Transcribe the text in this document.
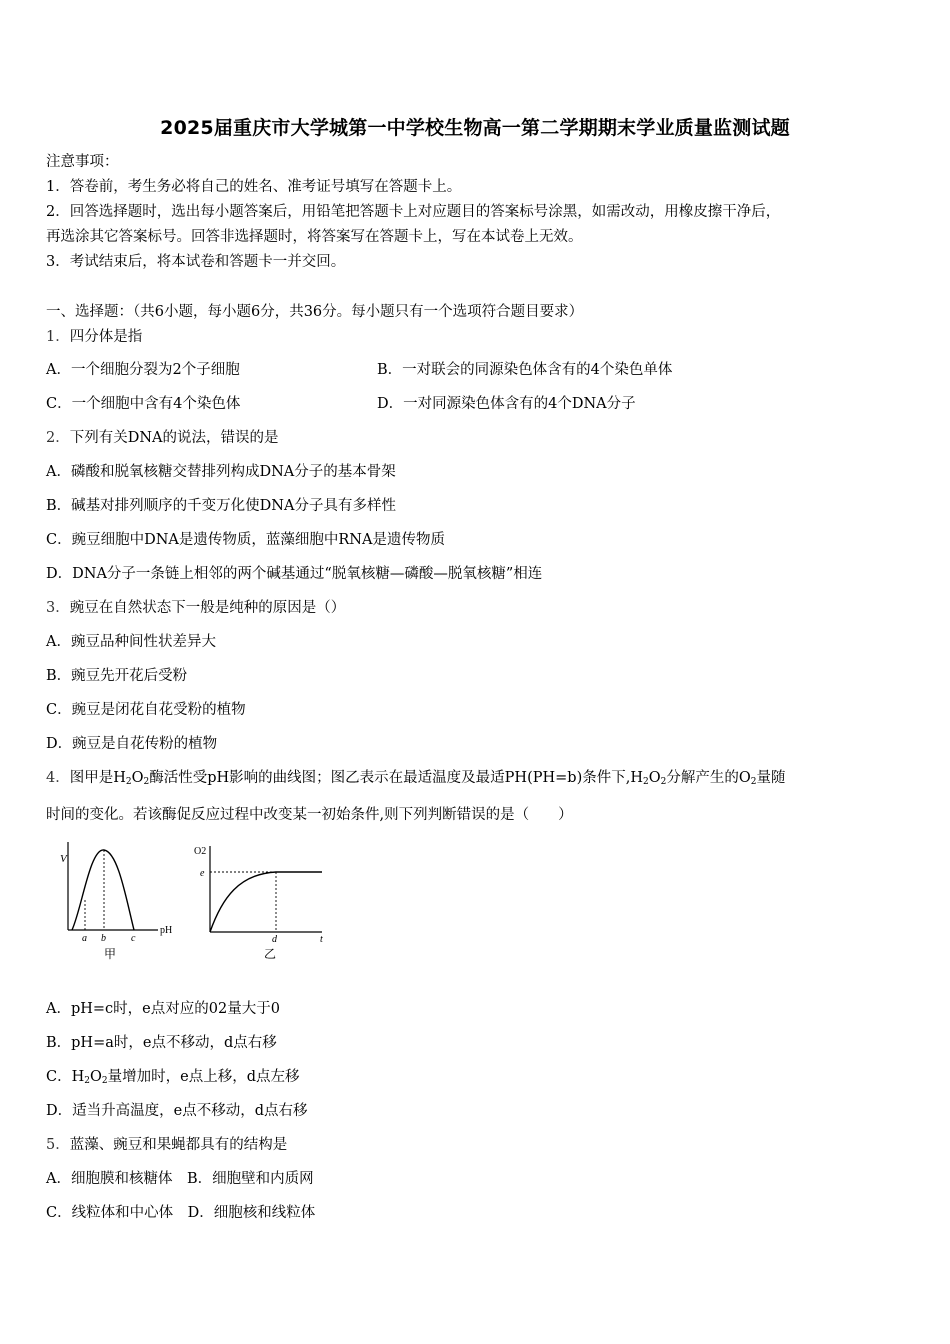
2025届重庆市大学城第一中学校生物高一第二学期期末学业质量监测试题
注意事项：
1．答卷前，考生务必将自己的姓名、准考证号填写在答题卡上。
2．回答选择题时，选出每小题答案后，用铅笔把答题卡上对应题目的答案标号涂黑，如需改动，用橡皮擦干净后，
再选涂其它答案标号。回答非选择题时，将答案写在答题卡上，写在本试卷上无效。
3．考试结束后，将本试卷和答题卡一并交回。
一、选择题：（共6小题，每小题6分，共36分。每小题只有一个选项符合题目要求）
1．四分体是指
A．一个细胞分裂为2个子细胞	B．一对联会的同源染色体含有的4个染色单体
C．一个细胞中含有4个染色体	D．一对同源染色体含有的4个DNA分子
2．下列有关DNA的说法，错误的是
A．磷酸和脱氧核糖交替排列构成DNA分子的基本骨架
B．碱基对排列顺序的千变万化使DNA分子具有多样性
C．豌豆细胞中DNA是遗传物质，蓝藻细胞中RNA是遗传物质
D．DNA分子一条链上相邻的两个碱基通过“脱氧核糖—磷酸—脱氧核糖”相连
3．豌豆在自然状态下一般是纯种的原因是（）
A．豌豆品种间性状差异大
B．豌豆先开花后受粉
C．豌豆是闭花自花受粉的植物
D．豌豆是自花传粉的植物
4．图甲是$H_2O_2$酶活性受pH影响的曲线图；图乙表示在最适温度及最适PH(PH=b)条件下$,H_2O_2$分解产生的$O_2$量随
时间的变化。若该酶促反应过程中改变某一初始条件,则下列判断错误的是（　　）
V
pH
a b	c
甲
O2
e
d	t
乙
A．pH=c时，e点对应的02量大于0
B．pH=a时，e点不移动，d点右移
C．$H_2O_2$量增加时，e点上移，d点左移
D．适当升高温度，e点不移动，d点右移
5．蓝藻、豌豆和果蝇都具有的结构是
A．细胞膜和核糖体　B．细胞壁和内质网
C．线粒体和中心体　D．细胞核和线粒体
